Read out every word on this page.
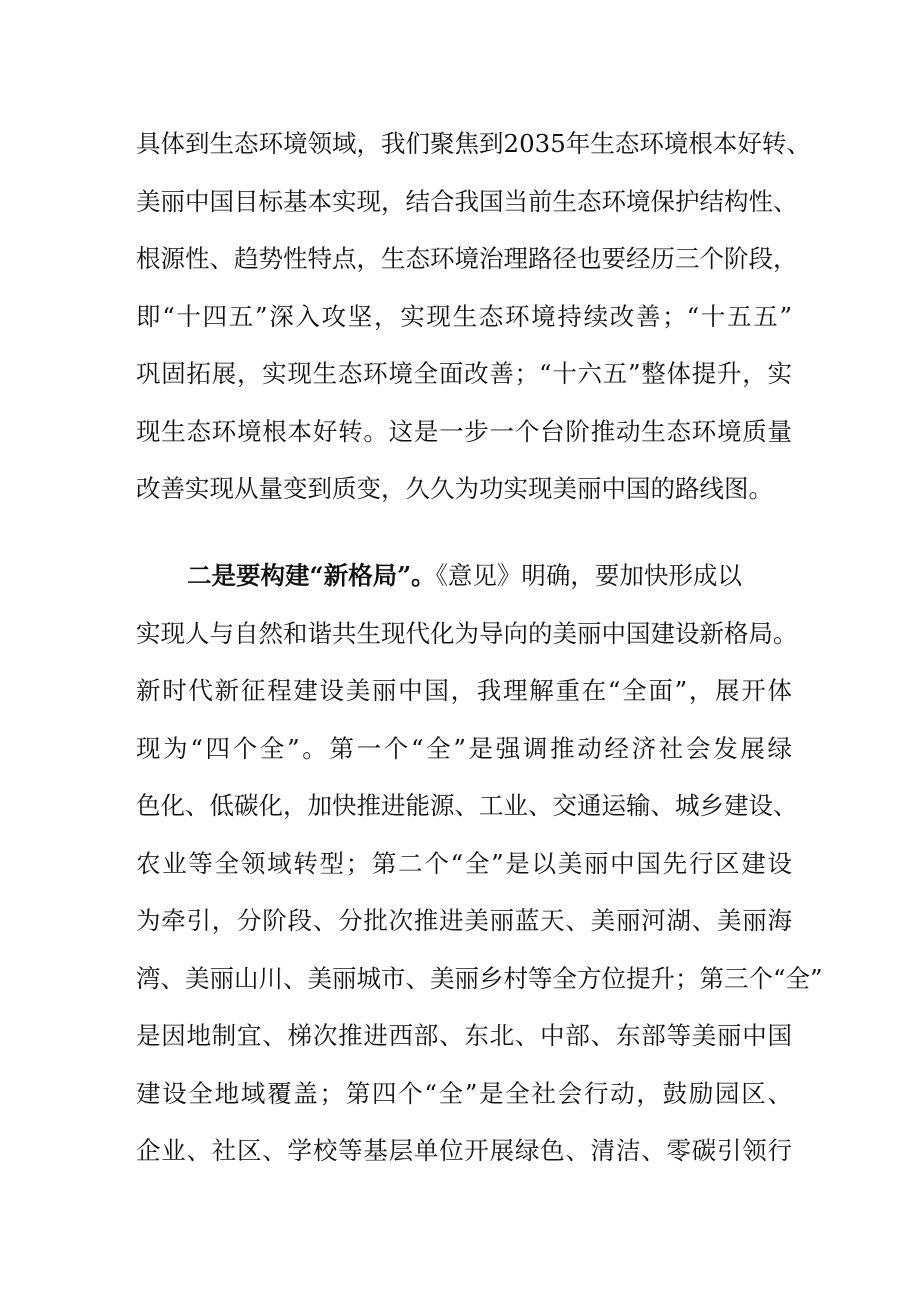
具体到生态环境领域，我们聚焦到2035年生态环境根本好转、
美丽中国目标基本实现，结合我国当前生态环境保护结构性、
根源性、趋势性特点，生态环境治理路径也要经历三个阶段，
即“十四五”深入攻坚，实现生态环境持续改善；“十五五”
巩固拓展，实现生态环境全面改善；“十六五”整体提升，实
现生态环境根本好转。这是一步一个台阶推动生态环境质量
改善实现从量变到质变，久久为功实现美丽中国的路线图。
二是要构建“新格局”。《意见》明确，要加快形成以
实现人与自然和谐共生现代化为导向的美丽中国建设新格局。
新时代新征程建设美丽中国，我理解重在“全面”，展开体
现为“四个全”。第一个“全”是强调推动经济社会发展绿
色化、低碳化，加快推进能源、工业、交通运输、城乡建设、
农业等全领域转型；第二个“全”是以美丽中国先行区建设
为牵引，分阶段、分批次推进美丽蓝天、美丽河湖、美丽海
湾、美丽山川、美丽城市、美丽乡村等全方位提升；第三个“全”
是因地制宜、梯次推进西部、东北、中部、东部等美丽中国
建设全地域覆盖；第四个“全”是全社会行动，鼓励园区、
企业、社区、学校等基层单位开展绿色、清洁、零碳引领行
